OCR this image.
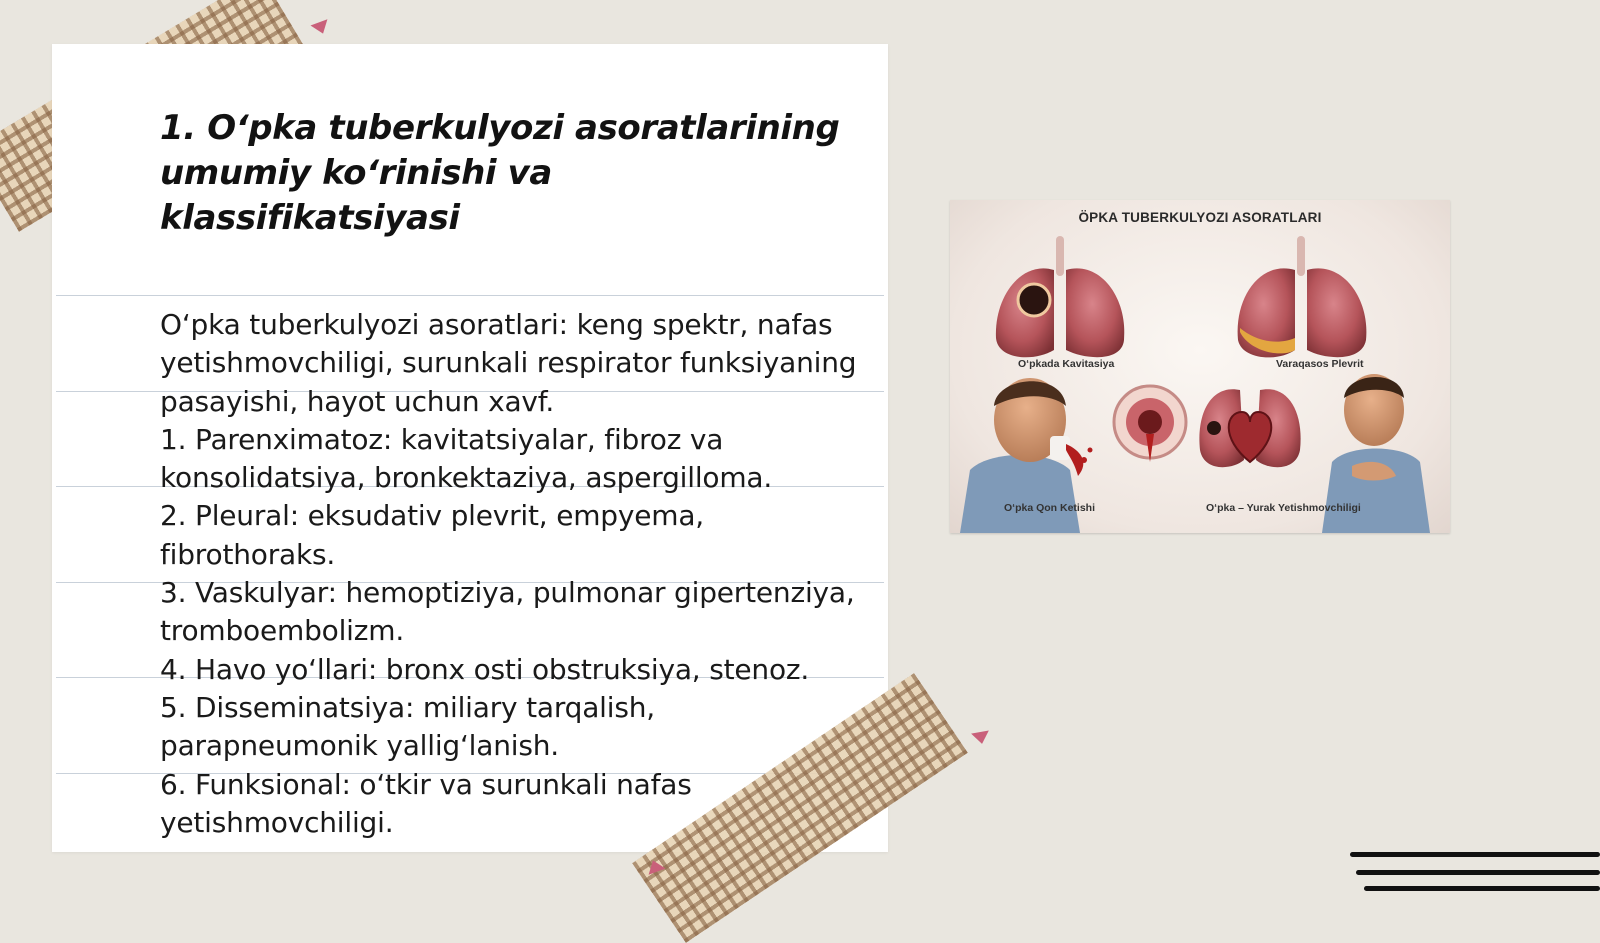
1. O‘pka tuberkulyozi asoratlarining umumiy ko‘rinishi va klassifikatsiyasi

O‘pka tuberkulyozi asoratlari: keng spektr, nafas yetishmovchiligi, surunkali respirator funksiyaning pasayishi, hayot uchun xavf.

1. Parenximatoz: kavitatsiyalar, fibroz va konsolidatsiya, bronkektaziya, aspergilloma.

2. Pleural: eksudativ plevrit, empyema, fibrothoraks.

3. Vaskulyar: hemoptiziya, pulmonar gipertenziya, tromboembolizm.

4. Havo yo‘llari: bronx osti obstruksiya, stenoz.

5. Disseminatsiya: miliary tarqalish, parapneumonik yallig‘lanish.

6. Funksional: o‘tkir va surunkali nafas yetishmovchiligi.

ÖPKA TUBERKULYOZI ASORATLARI
O‘pkada Kavitasiya	Varaqasos Plevrit
O‘pka Qon Ketishi	O‘pka – Yurak Yetishmovchiligi
